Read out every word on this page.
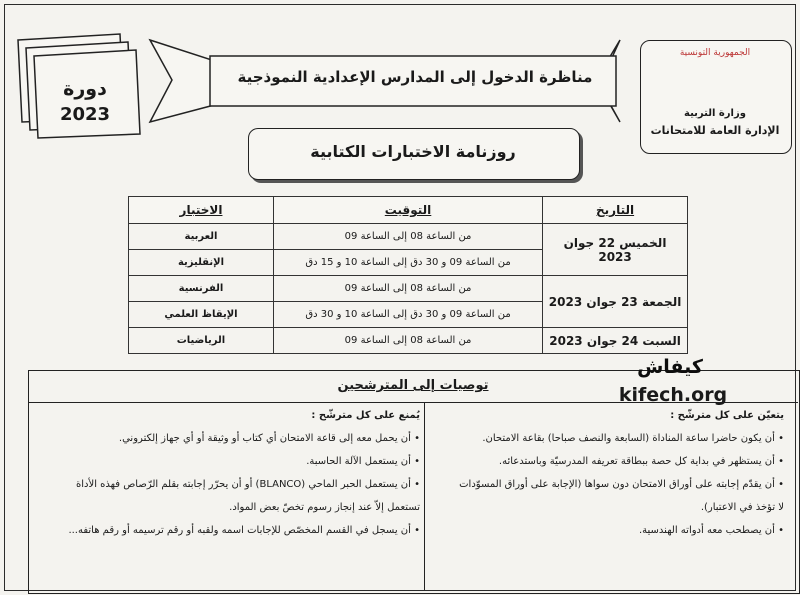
الجمهورية التونسية
وزارة التربية
الإدارة العامة للامتحانات
مناظرة الدخول إلى المدارس الإعدادية النموذجية
دورة
2023
روزنامة الاختبارات الكتابية
التاريخ	التوقيت	الاختبار
الخميس 22 جوان 2023	من الساعة 08 إلى الساعة 09	العربية
	من الساعة 09 و 30 دق إلى الساعة 10 و 15 دق	الإنقليزية
الجمعة 23 جوان 2023	من الساعة 08 إلى الساعة 09	الفرنسية
	من الساعة 09 و 30 دق إلى الساعة 10 و 30 دق	الإيقاظ العلمي
السبت 24 جوان 2023	من الساعة 08 إلى الساعة 09	الرياضيات
توصيات إلى المترشحين
يتعيّن على كل مترشّح :
• أن يكون حاضرا ساعة المناداة (السابعة والنصف صباحا) بقاعة الامتحان.
• أن يستظهر في بداية كل حصة ببطاقة تعريفه المدرسيّة وباستدعائه.
• أن يقدّم إجابته على أوراق الامتحان دون سواها (الإجابة على أوراق المسوّدات
لا تؤخذ في الاعتبار).
• أن يصطحب معه أدواته الهندسية.
يُمنع على كل مترشّح :
• أن يحمل معه إلى قاعة الامتحان أي كتاب أو وثيقة أو أي جهاز إلكتروني.
• أن يستعمل الآلة الحاسبة.
• أن يستعمل الحبر الماحي (BLANCO) أو أن يحرّر إجابته بقلم الرّصاص فهذه الأداة
تستعمل إلاّ عند إنجاز رسوم تخصّ بعض المواد.
• أن يسجل في القسم المخصّص للإجابات اسمه ولقبه أو رقم ترسيمه أو رقم هاتفه...
كيفاش
kifech.org
